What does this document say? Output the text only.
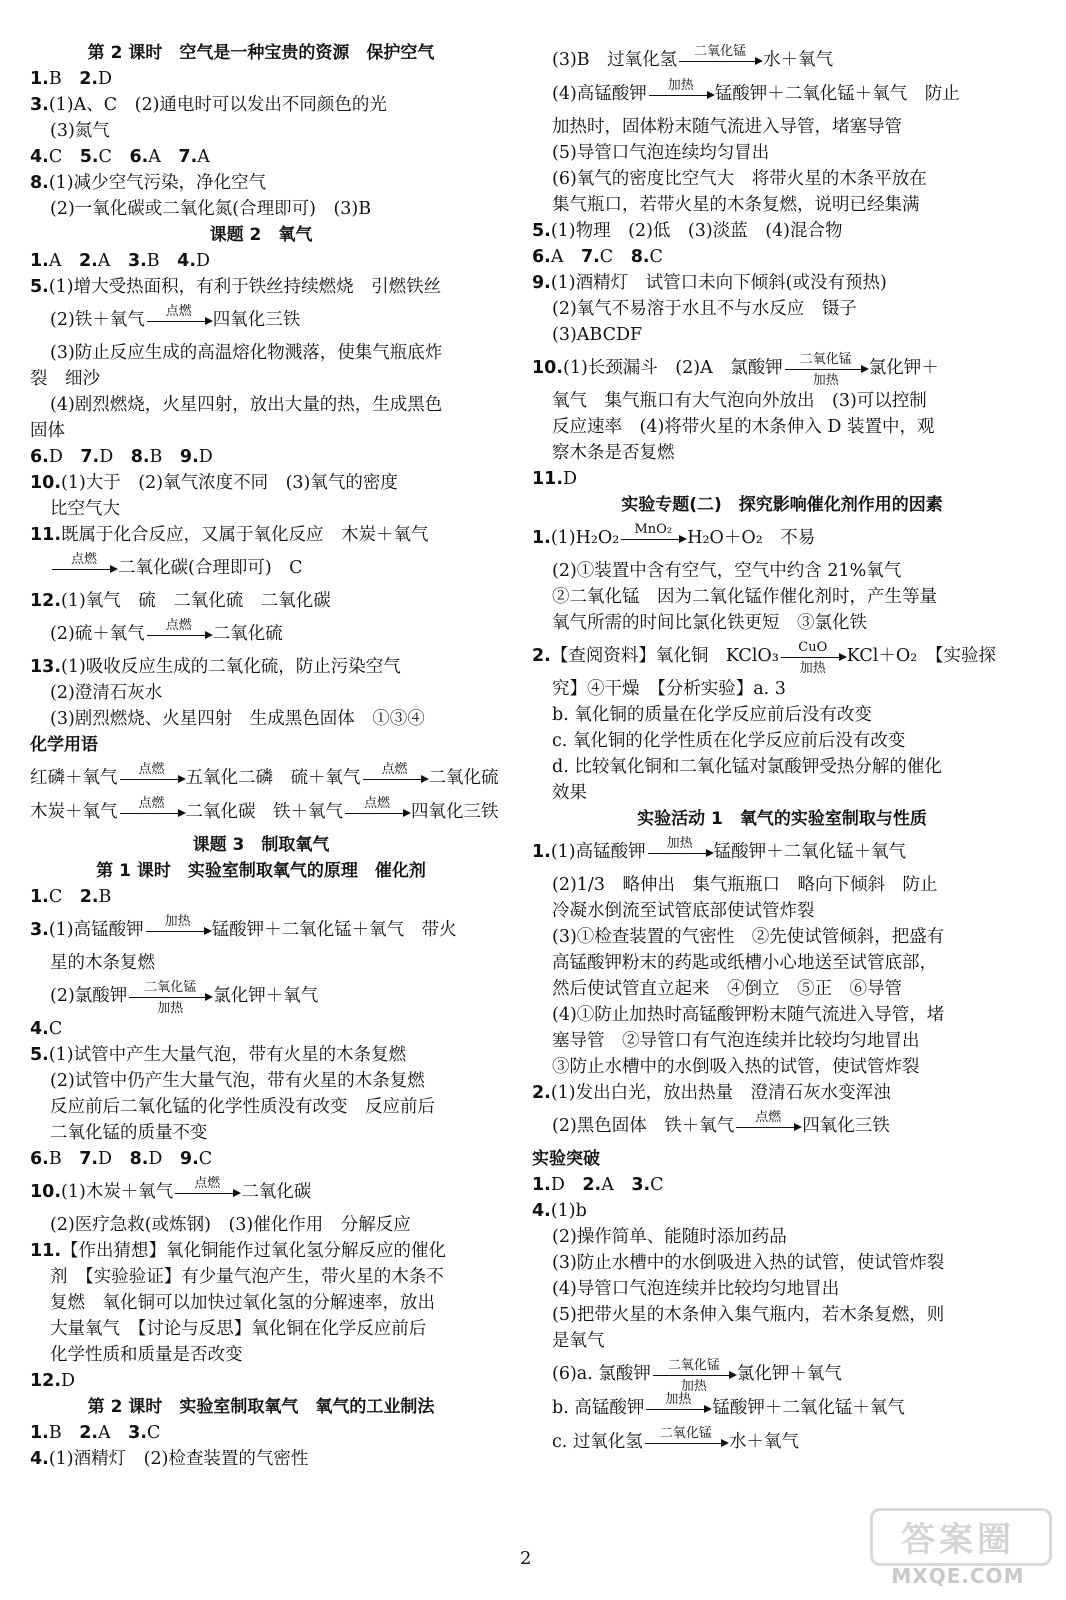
第 2 课时　空气是一种宝贵的资源　保护空气
1.B　2.D
3.(1)A、C　(2)通电时可以发出不同颜色的光
(3)氮气
4.C　5.C　6.A　7.A
8.(1)减少空气污染，净化空气
(2)一氧化碳或二氧化氮(合理即可)　(3)B
课题 2　氧气
1.A　2.A　3.B　4.D
5.(1)增大受热面积，有利于铁丝持续燃烧　引燃铁丝
(2)铁＋氧气	点燃	四氧化三铁
(3)防止反应生成的高温熔化物溅落，使集气瓶底炸
裂　细沙
(4)剧烈燃烧，火星四射，放出大量的热，生成黑色
固体
6.D　7.D　8.B　9.D
10.(1)大于　(2)氧气浓度不同　(3)氧气的密度
比空气大
11.既属于化合反应，又属于氧化反应　木炭＋氧气
点燃	二氧化碳(合理即可)　C
12.(1)氧气　硫　二氧化硫　二氧化碳
(2)硫＋氧气	点燃	二氧化硫
13.(1)吸收反应生成的二氧化硫，防止污染空气
(2)澄清石灰水
(3)剧烈燃烧、火星四射　生成黑色固体　①③④
化学用语
红磷＋氧气	点燃	五氧化二磷　硫＋氧气	点燃	二氧化硫
木炭＋氧气	点燃	二氧化碳　铁＋氧气	点燃	四氧化三铁
课题 3　制取氧气
第 1 课时　实验室制取氧气的原理　催化剂
1.C　2.B
3.(1)高锰酸钾	加热	锰酸钾＋二氧化锰＋氧气　带火
星的木条复燃
(2)氯酸钾	二氧化锰
加热
氯化钾＋氧气
4.C
5.(1)试管中产生大量气泡，带有火星的木条复燃
(2)试管中仍产生大量气泡，带有火星的木条复燃
反应前后二氧化锰的化学性质没有改变　反应前后
二氧化锰的质量不变
6.B　7.D　8.D　9.C
10.(1)木炭＋氧气	点燃	二氧化碳
(2)医疗急救(或炼钢)　(3)催化作用　分解反应
11.【作出猜想】氧化铜能作过氧化氢分解反应的催化
剂　【实验验证】有少量气泡产生，带火星的木条不
复燃　氧化铜可以加快过氧化氢的分解速率，放出
大量氧气　【讨论与反思】氧化铜在化学反应前后
化学性质和质量是否改变
12.D
第 2 课时　实验室制取氧气　氧气的工业制法
1.B　2.A　3.C
4.(1)酒精灯　(2)检查装置的气密性
(3)B　过氧化氢	二氧化锰 水＋氧气
(4)高锰酸钾	加热	锰酸钾＋二氧化锰＋氧气　防止
加热时，固体粉末随气流进入导管，堵塞导管
(5)导管口气泡连续均匀冒出
(6)氧气的密度比空气大　将带火星的木条平放在
集气瓶口，若带火星的木条复燃，说明已经集满
5.(1)物理　(2)低　(3)淡蓝　(4)混合物
6.A　7.C　8.C
9.(1)酒精灯　试管口未向下倾斜(或没有预热)
(2)氧气不易溶于水且不与水反应　镊子
(3)ABCDF
10.(1)长颈漏斗　(2)A　氯酸钾	二氧化锰
加热
氯化钾＋
氧气　集气瓶口有大气泡向外放出　(3)可以控制
反应速率　(4)将带火星的木条伸入 D 装置中，观
察木条是否复燃
11.D
实验专题(二)　探究影响催化剂作用的因素
1.(1)H₂O₂	MnO₂ H₂O＋O₂　不易
(2)①装置中含有空气，空气中约含 21%氧气
②二氧化锰　因为二氧化锰作催化剂时，产生等量
氧气所需的时间比氯化铁更短　③氯化铁
2.【查阅资料】氧化铜　KClO₃	CuO
加热
KCl＋O₂　【实验探
究】④干燥　【分析实验】a. 3
b. 氧化铜的质量在化学反应前后没有改变
c. 氧化铜的化学性质在化学反应前后没有改变
d. 比较氧化铜和二氧化锰对氯酸钾受热分解的催化
效果
实验活动 1　氧气的实验室制取与性质
1.(1)高锰酸钾	加热	锰酸钾＋二氧化锰＋氧气
(2)1/3　略伸出　集气瓶瓶口　略向下倾斜　防止
冷凝水倒流至试管底部使试管炸裂
(3)①检查装置的气密性　②先使试管倾斜，把盛有
高锰酸钾粉末的药匙或纸槽小心地送至试管底部，
然后使试管直立起来　④倒立　⑤正　⑥导管
(4)①防止加热时高锰酸钾粉末随气流进入导管，堵
塞导管　②导管口有气泡连续并比较均匀地冒出
③防止水槽中的水倒吸入热的试管，使试管炸裂
2.(1)发出白光，放出热量　澄清石灰水变浑浊
(2)黑色固体　铁＋氧气	点燃	四氧化三铁
实验突破
1.D　2.A　3.C
4.(1)b
(2)操作简单、能随时添加药品
(3)防止水槽中的水倒吸进入热的试管，使试管炸裂
(4)导管口气泡连续并比较均匀地冒出
(5)把带火星的木条伸入集气瓶内，若木条复燃，则
是氧气
(6)a. 氯酸钾	二氧化锰
加热
氯化钾＋氧气
b. 高锰酸钾	加热	锰酸钾＋二氧化锰＋氧气
c. 过氧化氢	二氧化锰 水＋氧气
2	答案圈
MXQE.COM
